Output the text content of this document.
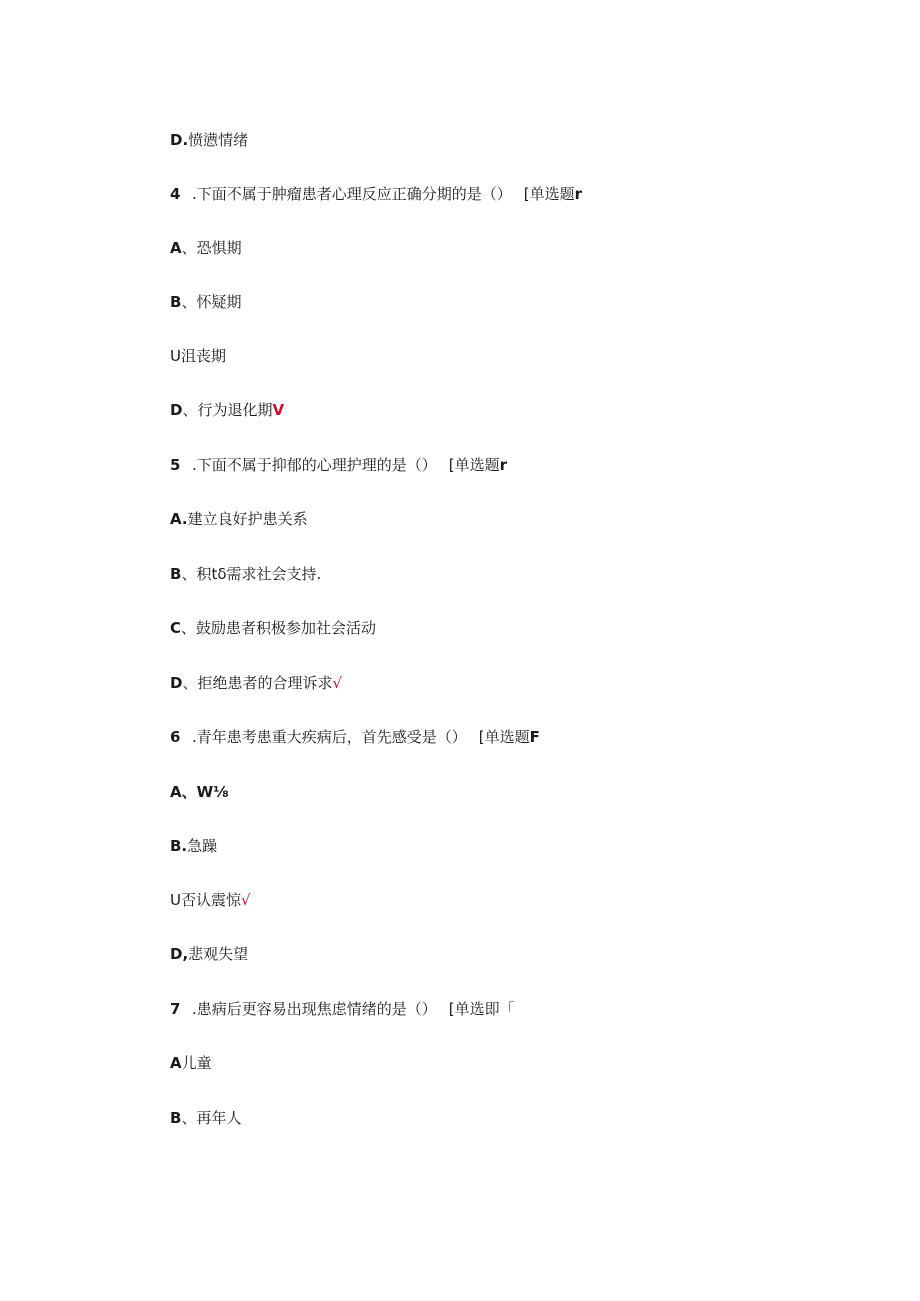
D.愤懑情绪
4 .下面不属于肿瘤患者心理反应正确分期的是（） [单选题r
A、恐惧期
B、怀疑期
U沮丧期
D、行为退化期V
5 .下面不属于抑郁的心理护理的是（） [单选题r
A.建立良好护患关系
B、积tδ需求社会支持.
C、鼓励患者积极参加社会活动
D、拒绝患者的合理诉求√
6 .青年患考患重大疾病后，首先感受是（） [单选题F
A、W⅛
B.急躁
U否认震惊√
D,悲观失望
7 .患病后更容易出现焦虑情绪的是（） [单选即「
A儿童
B、再年人
